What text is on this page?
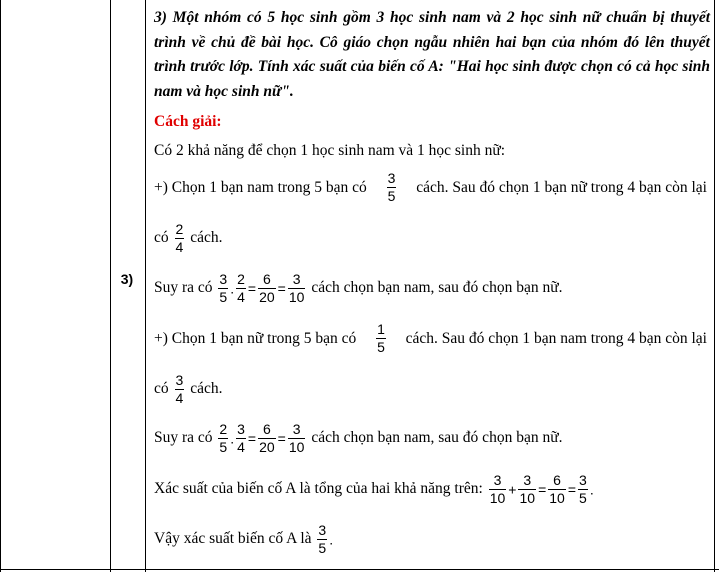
3)
3) Một nhóm có 5 học sinh gồm 3 học sinh nam và 2 học sinh nữ chuẩn bị thuyết trình về chủ đề bài học. Cô giáo chọn ngẫu nhiên hai bạn của nhóm đó lên thuyết trình trước lớp. Tính xác suất của biến cố A: "Hai học sinh được chọn có cả học sinh nam và học sinh nữ".
Cách giải:
Có 2 khả năng để chọn 1 học sinh nam và 1 học sinh nữ:
+) Chọn 1 bạn nam trong 5 bạn có $\frac{3}{5}$ cách. Sau đó chọn 1 bạn nữ trong 4 bạn còn lại
có $\frac{2}{4}$ cách.
Suy ra có $\frac{3}{5}$ . $\frac{2}{4} = \frac{6}{20} = \frac{3}{10}$ cách chọn bạn nam, sau đó chọn bạn nữ.
+) Chọn 1 bạn nữ trong 5 bạn có $\frac{1}{5}$ cách. Sau đó chọn 1 bạn nam trong 4 bạn còn lại
có $\frac{3}{4}$ cách.
Suy ra có $\frac{2}{5}$ . $\frac{3}{4} = \frac{6}{20} = \frac{3}{10}$ cách chọn bạn nam, sau đó chọn bạn nữ.
Xác suất của biến cố A là tổng của hai khả năng trên: $\frac{3}{10} + \frac{3}{10} = \frac{6}{10} = \frac{3}{5}$ .
Vậy xác suất biến cố A là $\frac{3}{5}$ .
